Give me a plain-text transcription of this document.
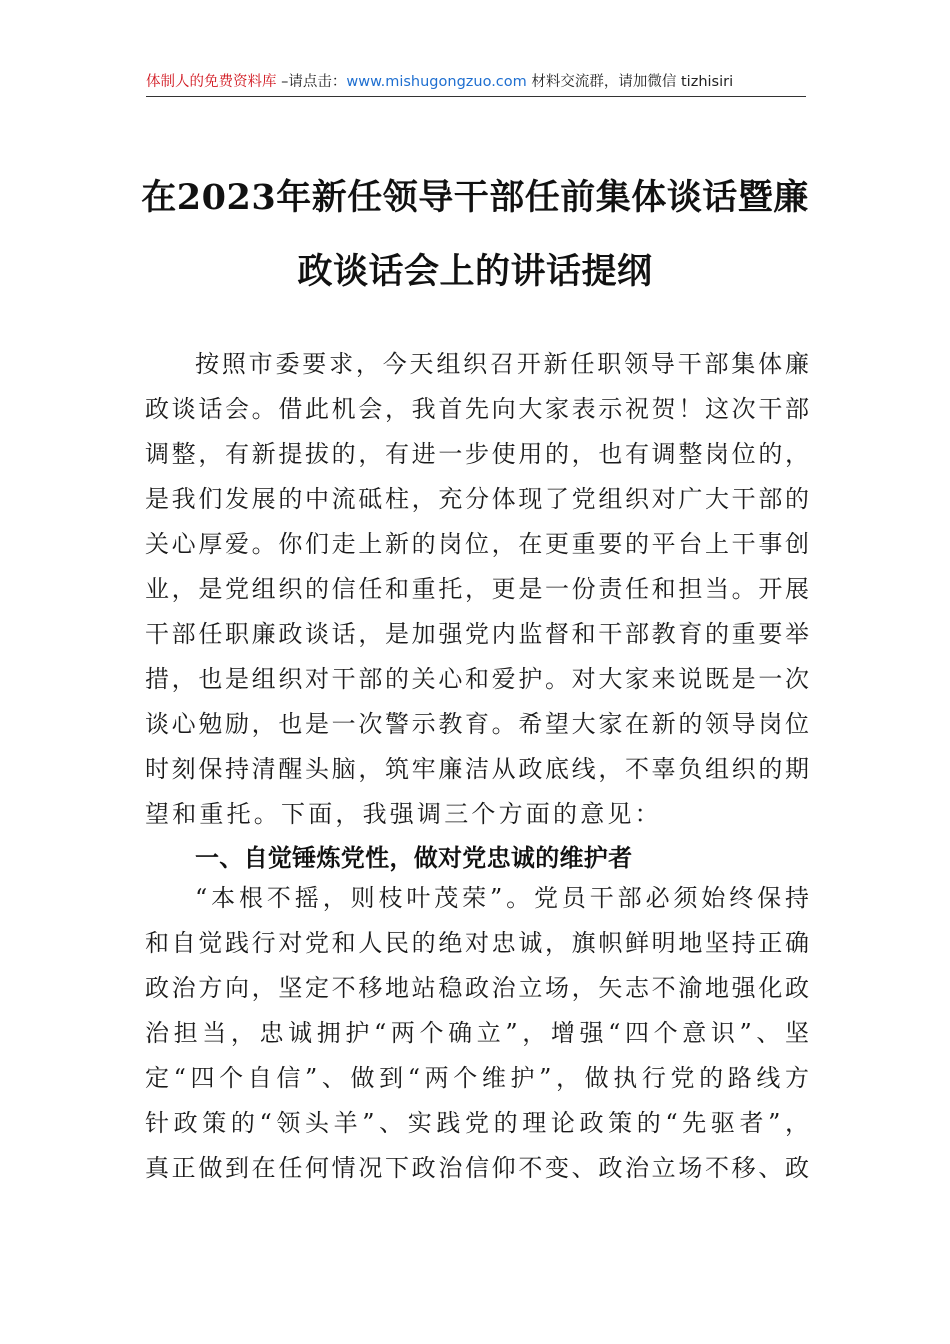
体制人的免费资料库 –请点击：www.mishugongzuo.com 材料交流群，请加微信 tizhisiri
在2023年新任领导干部任前集体谈话暨廉
政谈话会上的讲话提纲
按照市委要求，今天组织召开新任职领导干部集体廉
政谈话会。借此机会，我首先向大家表示祝贺！这次干部
调整，有新提拔的，有进一步使用的，也有调整岗位的，
是我们发展的中流砥柱，充分体现了党组织对广大干部的
关心厚爱。你们走上新的岗位，在更重要的平台上干事创
业，是党组织的信任和重托，更是一份责任和担当。开展
干部任职廉政谈话，是加强党内监督和干部教育的重要举
措，也是组织对干部的关心和爱护。对大家来说既是一次
谈心勉励，也是一次警示教育。希望大家在新的领导岗位
时刻保持清醒头脑，筑牢廉洁从政底线，不辜负组织的期
望和重托。下面，我强调三个方面的意见：
一、自觉锤炼党性，做对党忠诚的维护者
“本根不摇，则枝叶茂荣”。党员干部必须始终保持
和自觉践行对党和人民的绝对忠诚，旗帜鲜明地坚持正确
政治方向，坚定不移地站稳政治立场，矢志不渝地强化政
治担当，忠诚拥护“两个确立”，增强“四个意识”、坚
定“四个自信”、做到“两个维护”，做执行党的路线方
针政策的“领头羊”、实践党的理论政策的“先驱者”，
真正做到在任何情况下政治信仰不变、政治立场不移、政
